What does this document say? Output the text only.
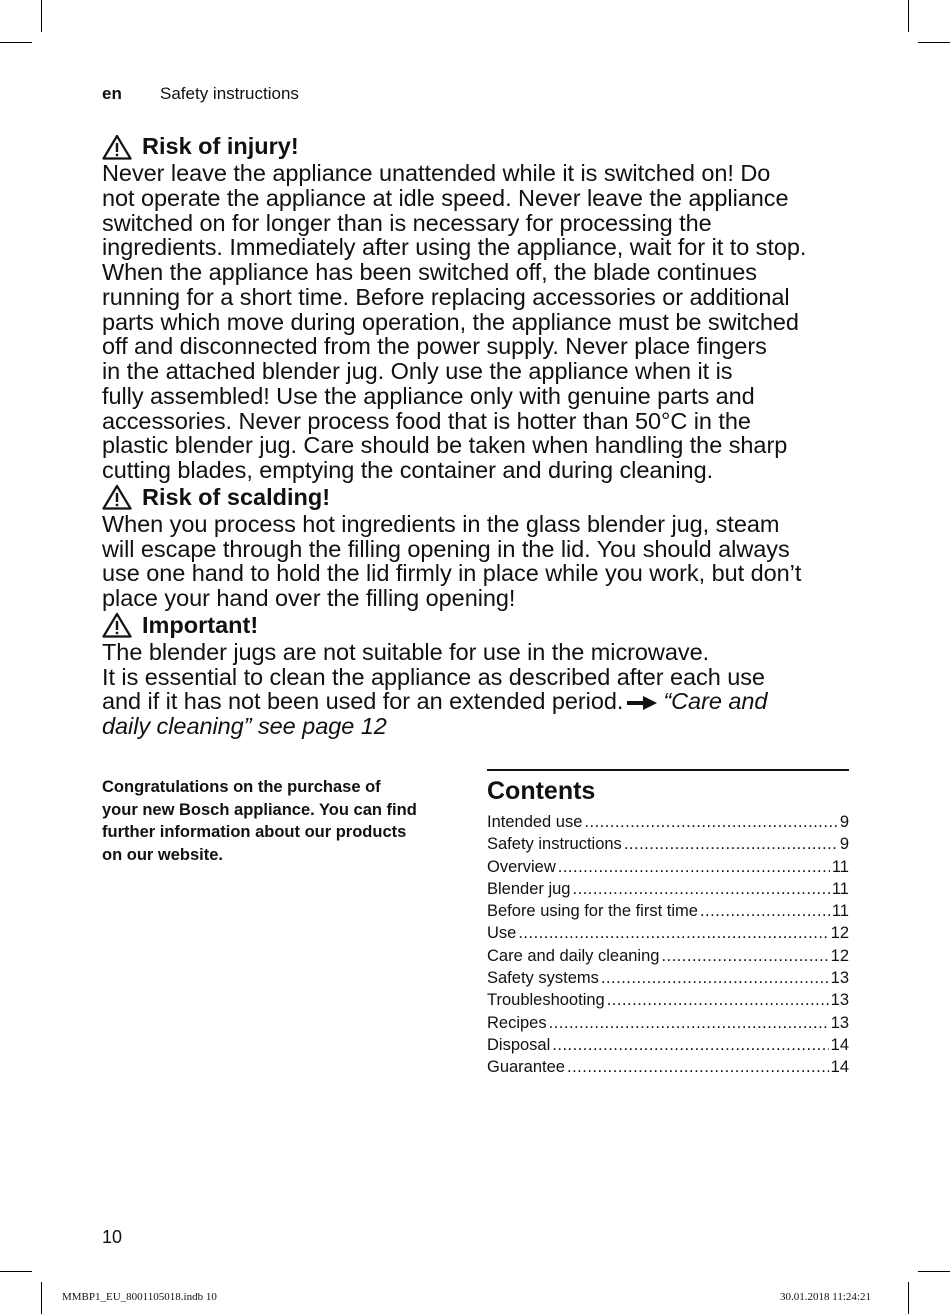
en Safety instructions
Risk of injury!
Never leave the appliance unattended while it is switched on! Do
not operate the appliance at idle speed. Never leave the appliance
switched on for longer than is necessary for processing the
ingredients. Immediately after using the appliance, wait for it to stop.
When the appliance has been switched off, the blade continues
running for a short time. Before replacing accessories or additional
parts which move during operation, the appliance must be switched
off and disconnected from the power supply. Never place fingers
in the attached blender jug. Only use the appliance when it is
fully assembled! Use the appliance only with genuine parts and
accessories. Never process food that is hotter than 50°C in the
plastic blender jug. Care should be taken when handling the sharp
cutting blades, emptying the container and during cleaning.
Risk of scalding!
When you process hot ingredients in the glass blender jug, steam
will escape through the filling opening in the lid. You should always
use one hand to hold the lid firmly in place while you work, but don’t
place your hand over the filling opening!
Important!
The blender jugs are not suitable for use in the microwave.
It is essential to clean the appliance as described after each use
and if it has not been used for an extended period. “Care and
daily cleaning” see page 12
Congratulations on the purchase of
your new Bosch appliance. You can find
further information about our products
on our website.
Contents
Intended use .....	9
Safety instructions .....	9
Overview .....	11
Blender jug .....	11
Before using for the first time .....	11
Use .....	12
Care and daily cleaning .....	12
Safety systems .....	13
Troubleshooting .....	13
Recipes .....	13
Disposal .....	14
Guarantee .....	14
10
MMBP1_EU_8001105018.indb 10	30.01.2018 11:24:21
